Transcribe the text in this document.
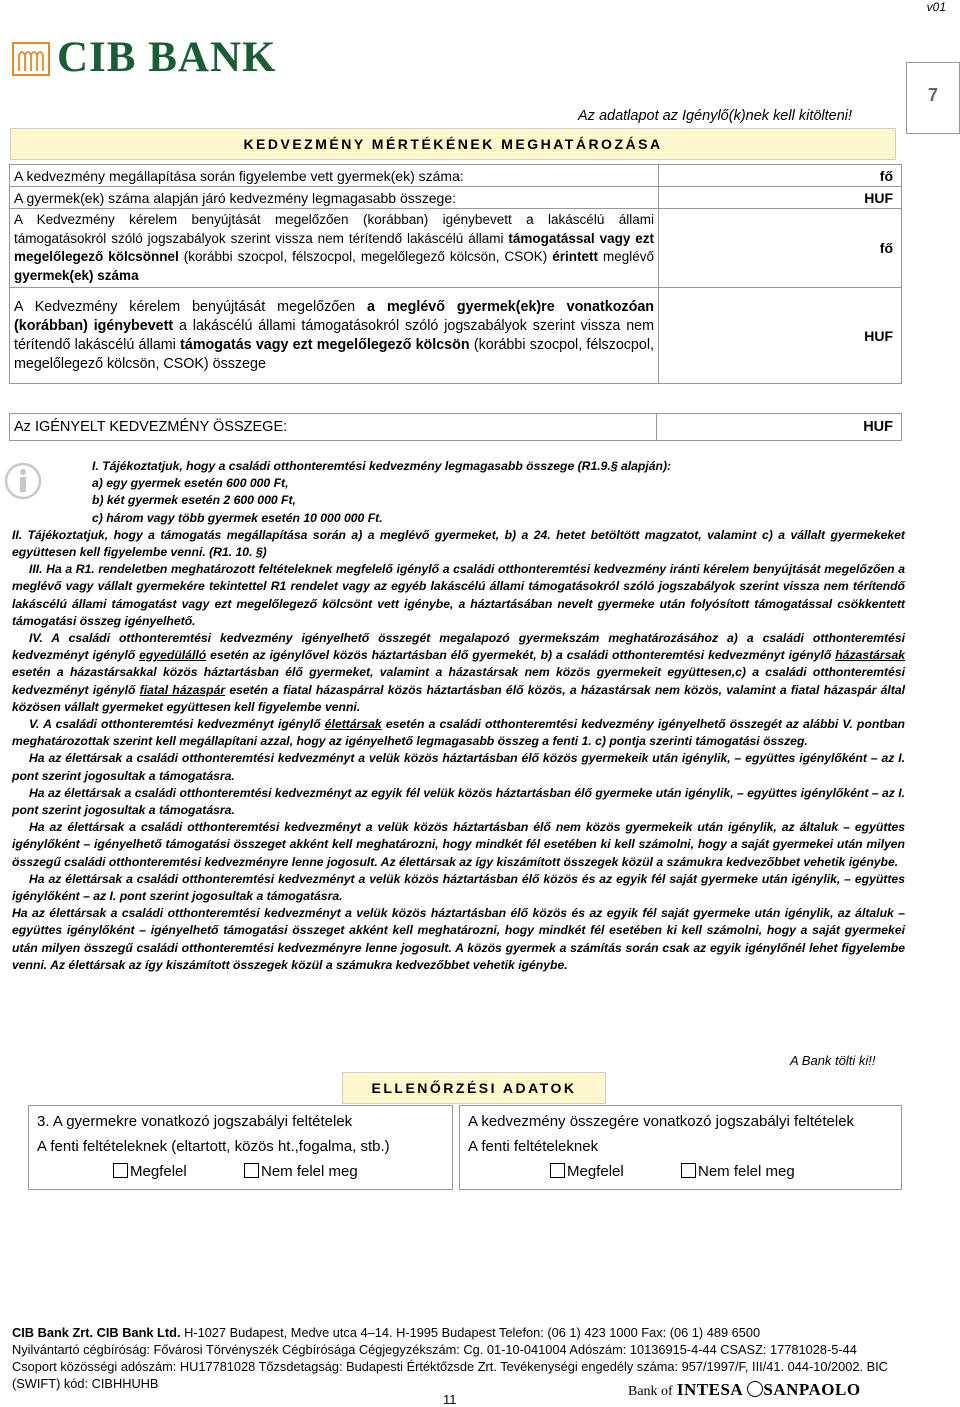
v01
CIB BANK
7
Az adatlapot az Igénylő(k)nek kell kitölteni!
KEDVEZMÉNY MÉRTÉKÉNEK MEGHATÁROZÁSA
A kedvezmény megállapítása során figyelembe vett gyermek(ek) száma:	fő
A gyermek(ek) száma alapján járó kedvezmény legmagasabb összege:	HUF
A Kedvezmény kérelem benyújtását megelőzően (korábban) igénybevett a lakáscélú állami támogatásokról szóló jogszabályok szerint vissza nem térítendő lakáscélú állami támogatással vagy ezt megelőlegező kölcsönnel (korábbi szocpol, félszocpol, megelőlegező kölcsön, CSOK) érintett meglévő gyermek(ek) száma	fő
A Kedvezmény kérelem benyújtását megelőzően a meglévő gyermek(ek)re vonatkozóan (korábban) igénybevett a lakáscélú állami támogatásokról szóló jogszabályok szerint vissza nem térítendő lakáscélú állami támogatás vagy ezt megelőlegező kölcsön (korábbi szocpol, félszocpol, megelőlegező kölcsön, CSOK) összege	HUF
Az IGÉNYELT KEDVEZMÉNY ÖSSZEGE:	HUF

I. Tájékoztatjuk, hogy a családi otthonteremtési kedvezmény legmagasabb összege (R1.9.§ alapján):

a) egy gyermek esetén 600 000 Ft,

b) két gyermek esetén 2 600 000 Ft,

c) három vagy több gyermek esetén 10 000 000 Ft.

II. Tájékoztatjuk, hogy a támogatás megállapítása során a) a meglévő gyermeket, b) a 24. hetet betöltött magzatot, valamint c) a vállalt gyermekeket együttesen kell figyelembe venni. (R1. 10. §)

III. Ha a R1. rendeletben meghatározott feltételeknek megfelelő igénylő a családi otthonteremtési kedvezmény iránti kérelem benyújtását megelőzően a meglévő vagy vállalt gyermekére tekintettel R1 rendelet vagy az egyéb lakáscélú állami támogatásokról szóló jogszabályok szerint vissza nem térítendő lakáscélú állami támogatást vagy ezt megelőlegező kölcsönt vett igénybe, a háztartásában nevelt gyermeke után folyósított támogatással csökkentett támogatási összeg igényelhető.

IV. A családi otthonteremtési kedvezmény igényelhető összegét megalapozó gyermekszám meghatározásához a) a családi otthonteremtési kedvezményt igénylő egyedülálló esetén az igénylővel közös háztartásban élő gyermekét, b) a családi otthonteremtési kedvezményt igénylő házastársak esetén a házastársakkal közös háztartásban élő gyermeket, valamint a házastársak nem közös gyermekeit együttesen,c) a családi otthonteremtési kedvezményt igénylő fiatal házaspár esetén a fiatal házaspárral közös háztartásban élő közös, a házastársak nem közös, valamint a fiatal házaspár által közösen vállalt gyermeket együttesen kell figyelembe venni.

V. A családi otthonteremtési kedvezményt igénylő élettársak esetén a családi otthonteremtési kedvezmény igényelhető összegét az alábbi V. pontban meghatározottak szerint kell megállapítani azzal, hogy az igényelhető legmagasabb összeg a fenti 1. c) pontja szerinti támogatási összeg.

Ha az élettársak a családi otthonteremtési kedvezményt a velük közös háztartásban élő közös gyermekeik után igénylik, – együttes igénylőként – az I. pont szerint jogosultak a támogatásra.

Ha az élettársak a családi otthonteremtési kedvezményt az egyik fél velük közös háztartásban élő gyermeke után igénylik, – együttes igénylőként – az I. pont szerint jogosultak a támogatásra.

Ha az élettársak a családi otthonteremtési kedvezményt a velük közös háztartásban élő nem közös gyermekeik után igénylik, az általuk – együttes igénylőként – igényelhető támogatási összeget akként kell meghatározni, hogy mindkét fél esetében ki kell számolni, hogy a saját gyermekei után milyen összegű családi otthonteremtési kedvezményre lenne jogosult. Az élettársak az így kiszámított összegek közül a számukra kedvezőbbet vehetik igénybe.

Ha az élettársak a családi otthonteremtési kedvezményt a velük közös háztartásban élő közös és az egyik fél saját gyermeke után igénylik, – együttes igénylőként – az I. pont szerint jogosultak a támogatásra.

Ha az élettársak a családi otthonteremtési kedvezményt a velük közös háztartásban élő közös és az egyik fél saját gyermeke után igénylik, az általuk – együttes igénylőként – igényelhető támogatási összeget akként kell meghatározni, hogy mindkét fél esetében ki kell számolni, hogy a saját gyermekei után milyen összegű családi otthonteremtési kedvezményre lenne jogosult. A közös gyermek a számítás során csak az egyik igénylőnél lehet figyelembe venni. Az élettársak az így kiszámított összegek közül a számukra kedvezőbbet vehetik igénybe.

A Bank tölti ki!!
ELLENŐRZÉSI ADATOK
3. A gyermekre vonatkozó jogszabályi feltételek
A fenti feltételeknek (eltartott, közös ht.,fogalma, stb.)
Megfelel	Nem felel meg
A kedvezmény összegére vonatkozó jogszabályi feltételek
A fenti feltételeknek
Megfelel	Nem felel meg
CIB Bank Zrt. CIB Bank Ltd. H-1027 Budapest, Medve utca 4–14. H-1995 Budapest Telefon: (06 1) 423 1000 Fax: (06 1) 489 6500
Nyilvántartó cégbíróság: Fővárosi Törvényszék Cégbírósága Cégjegyzékszám: Cg. 01-10-041004 Adószám: 10136915-4-44 CSASZ: 17781028-5-44 Csoport közösségi adószám: HU17781028 Tőzsdetagság: Budapesti Értéktőzsde Zrt. Tevékenységi engedély száma: 957/1997/F, III/41. 044-10/2002. BIC (SWIFT) kód: CIBHHUHB
11
Bank of INTESA SANPAOLO
